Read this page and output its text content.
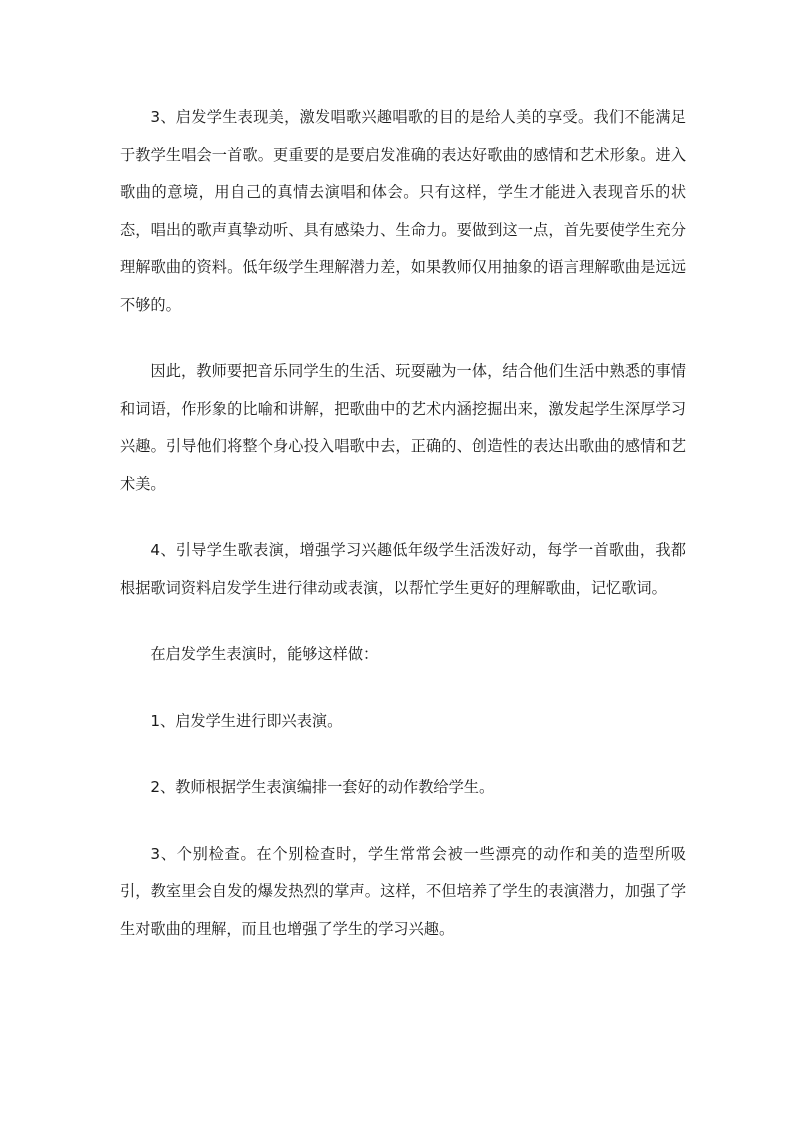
3、启发学生表现美，激发唱歌兴趣唱歌的目的是给人美的享受。我们不能满足于教学生唱会一首歌。更重要的是要启发准确的表达好歌曲的感情和艺术形象。进入歌曲的意境，用自己的真情去演唱和体会。只有这样，学生才能进入表现音乐的状态，唱出的歌声真挚动听、具有感染力、生命力。要做到这一点，首先要使学生充分理解歌曲的资料。低年级学生理解潜力差，如果教师仅用抽象的语言理解歌曲是远远不够的。

因此，教师要把音乐同学生的生活、玩耍融为一体，结合他们生活中熟悉的事情和词语，作形象的比喻和讲解，把歌曲中的艺术内涵挖掘出来，激发起学生深厚学习兴趣。引导他们将整个身心投入唱歌中去，正确的、创造性的表达出歌曲的感情和艺术美。

4、引导学生歌表演，增强学习兴趣低年级学生活泼好动，每学一首歌曲，我都根据歌词资料启发学生进行律动或表演，以帮忙学生更好的理解歌曲，记忆歌词。

在启发学生表演时，能够这样做：

1、启发学生进行即兴表演。

2、教师根据学生表演编排一套好的动作教给学生。

3、个别检查。在个别检查时，学生常常会被一些漂亮的动作和美的造型所吸引，教室里会自发的爆发热烈的掌声。这样，不但培养了学生的表演潜力，加强了学生对歌曲的理解，而且也增强了学生的学习兴趣。
